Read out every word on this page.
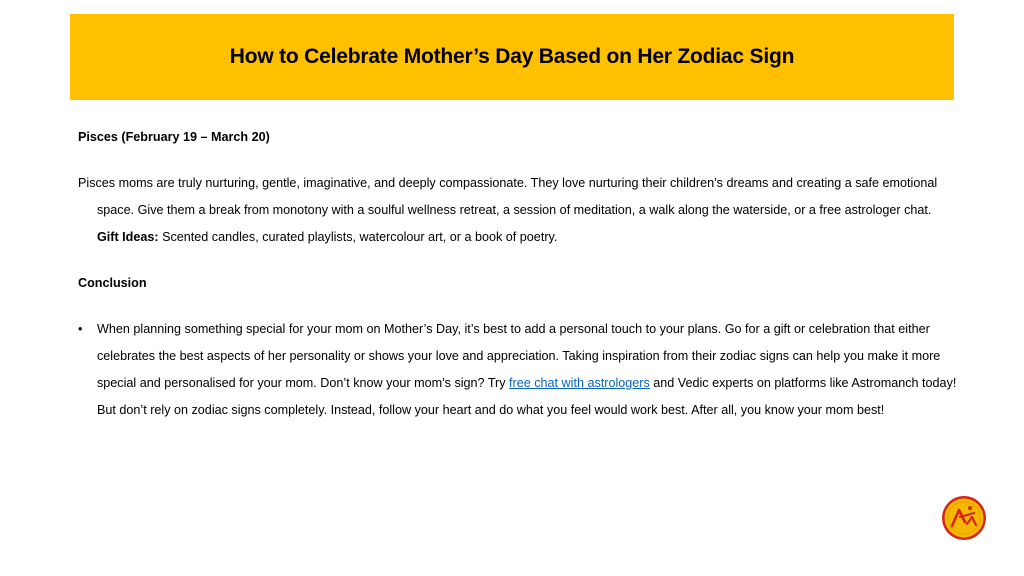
How to Celebrate Mother’s Day Based on Her Zodiac Sign
Pisces (February 19 – March 20)
Pisces moms are truly nurturing, gentle, imaginative, and deeply compassionate. They love nurturing their children’s dreams and creating a safe emotional space. Give them a break from monotony with a soulful wellness retreat, a session of meditation, a walk along the waterside, or a free astrologer chat.
Gift Ideas: Scented candles, curated playlists, watercolour art, or a book of poetry.
Conclusion
•	When planning something special for your mom on Mother’s Day, it’s best to add a personal touch to your plans. Go for a gift or celebration that either celebrates the best aspects of her personality or shows your love and appreciation. Taking inspiration from their zodiac signs can help you make it more special and personalised for your mom. Don’t know your mom’s sign? Try free chat with astrologers and Vedic experts on platforms like Astromanch today! But don’t rely on zodiac signs completely. Instead, follow your heart and do what you feel would work best. After all, you know your mom best!
